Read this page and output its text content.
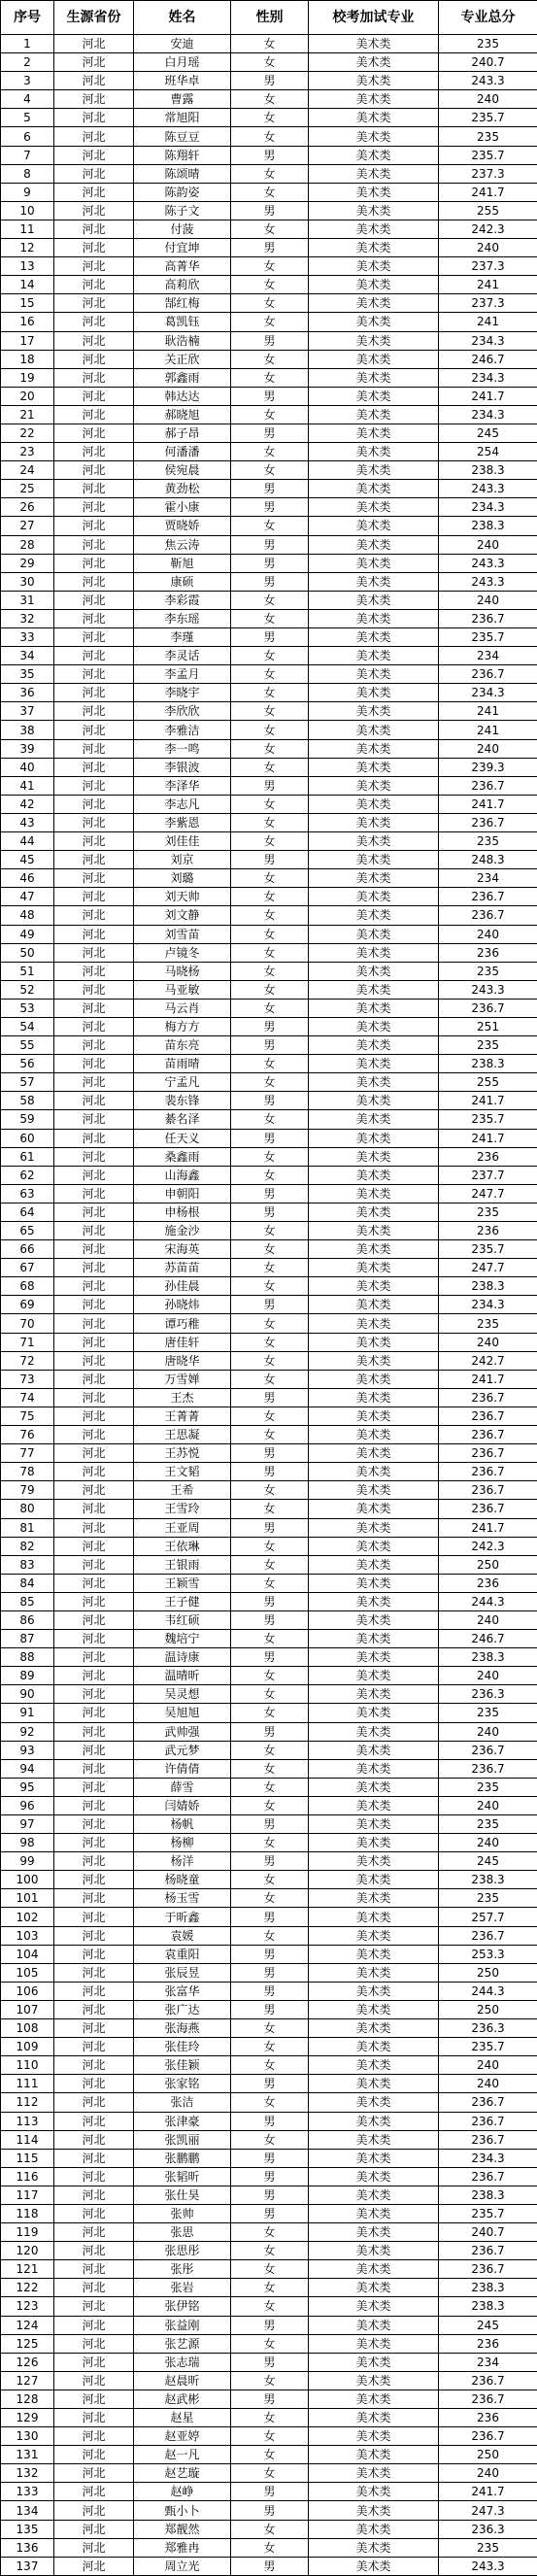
序号	生源省份	姓名	性别	校考加试专业	专业总分
1	河北	安迪	女	美术类	235
2	河北	白月瑶	女	美术类	240.7
3	河北	班华卓	男	美术类	243.3
4	河北	曹露	女	美术类	240
5	河北	常旭阳	女	美术类	235.7
6	河北	陈豆豆	女	美术类	235
7	河北	陈翔轩	男	美术类	235.7
8	河北	陈颂晴	女	美术类	237.3
9	河北	陈韵姿	女	美术类	241.7
10	河北	陈子文	男	美术类	255
11	河北	付菠	女	美术类	242.3
12	河北	付宜坤	男	美术类	240
13	河北	高菁华	女	美术类	237.3
14	河北	高莉欣	女	美术类	241
15	河北	郜红梅	女	美术类	237.3
16	河北	葛凯钰	女	美术类	241
17	河北	耿浩楠	男	美术类	234.3
18	河北	关正欣	女	美术类	246.7
19	河北	郭鑫雨	女	美术类	234.3
20	河北	韩达达	男	美术类	241.7
21	河北	郝晓旭	女	美术类	234.3
22	河北	郝子昂	男	美术类	245
23	河北	何潘潘	女	美术类	254
24	河北	侯宛晨	女	美术类	238.3
25	河北	黄劲松	男	美术类	243.3
26	河北	霍小康	男	美术类	234.3
27	河北	贾晓娇	女	美术类	238.3
28	河北	焦云涛	男	美术类	240
29	河北	靳旭	男	美术类	243.3
30	河北	康硕	男	美术类	243.3
31	河北	李彩霞	女	美术类	240
32	河北	李东瑶	女	美术类	236.7
33	河北	李瑾	男	美术类	235.7
34	河北	李灵话	女	美术类	234
35	河北	李孟月	女	美术类	236.7
36	河北	李晓宇	女	美术类	234.3
37	河北	李欣欣	女	美术类	241
38	河北	李雅洁	女	美术类	241
39	河北	李一鸣	女	美术类	240
40	河北	李银波	女	美术类	239.3
41	河北	李泽华	男	美术类	236.7
42	河北	李志凡	女	美术类	241.7
43	河北	李紫恩	女	美术类	236.7
44	河北	刘佳佳	女	美术类	235
45	河北	刘京	男	美术类	248.3
46	河北	刘璐	女	美术类	234
47	河北	刘天帅	女	美术类	236.7
48	河北	刘文静	女	美术类	236.7
49	河北	刘雪苗	女	美术类	240
50	河北	卢镜冬	女	美术类	236
51	河北	马晓杨	女	美术类	235
52	河北	马亚敏	女	美术类	243.3
53	河北	马云肖	女	美术类	236.7
54	河北	梅方方	男	美术类	251
55	河北	苗东亮	男	美术类	235
56	河北	苗雨晴	女	美术类	238.3
57	河北	宁孟凡	女	美术类	255
58	河北	裴东锋	男	美术类	241.7
59	河北	綦名泽	女	美术类	235.7
60	河北	任天义	男	美术类	241.7
61	河北	桑鑫雨	女	美术类	236
62	河北	山海鑫	女	美术类	237.7
63	河北	申朝阳	男	美术类	247.7
64	河北	申杨根	男	美术类	235
65	河北	施金沙	女	美术类	236
66	河北	宋海英	女	美术类	235.7
67	河北	苏苗苗	女	美术类	247.7
68	河北	孙佳晨	女	美术类	238.3
69	河北	孙晓炜	男	美术类	234.3
70	河北	谭巧稚	女	美术类	235
71	河北	唐佳轩	女	美术类	240
72	河北	唐晓华	女	美术类	242.7
73	河北	万雪婵	女	美术类	241.7
74	河北	王杰	男	美术类	236.7
75	河北	王菁菁	女	美术类	236.7
76	河北	王思凝	女	美术类	236.7
77	河北	王苏悦	男	美术类	236.7
78	河北	王文韬	男	美术类	236.7
79	河北	王希	女	美术类	236.7
80	河北	王雪玲	女	美术类	236.7
81	河北	王亚周	男	美术类	241.7
82	河北	王依琳	女	美术类	242.3
83	河北	王银雨	女	美术类	250
84	河北	王颖雪	女	美术类	236
85	河北	王子健	男	美术类	244.3
86	河北	韦红硕	男	美术类	240
87	河北	魏培宁	女	美术类	246.7
88	河北	温诗康	男	美术类	238.3
89	河北	温晴昕	女	美术类	240
90	河北	吴灵想	女	美术类	236.3
91	河北	吴旭旭	女	美术类	235
92	河北	武帅强	男	美术类	240
93	河北	武元梦	女	美术类	236.7
94	河北	许倩倩	女	美术类	236.7
95	河北	薛雪	女	美术类	235
96	河北	闫婧娇	女	美术类	240
97	河北	杨帆	男	美术类	235
98	河北	杨柳	女	美术类	240
99	河北	杨洋	男	美术类	245
100	河北	杨晓童	女	美术类	238.3
101	河北	杨玉雪	女	美术类	235
102	河北	于昕鑫	男	美术类	257.7
103	河北	袁媛	女	美术类	236.7
104	河北	袁重阳	男	美术类	253.3
105	河北	张辰昱	男	美术类	250
106	河北	张富华	男	美术类	244.3
107	河北	张广达	男	美术类	250
108	河北	张海燕	女	美术类	236.3
109	河北	张佳玲	女	美术类	235.7
110	河北	张佳颖	女	美术类	240
111	河北	张家铭	男	美术类	240
112	河北	张洁	女	美术类	236.7
113	河北	张津豪	男	美术类	236.7
114	河北	张凯丽	女	美术类	236.7
115	河北	张鹏鹏	男	美术类	234.3
116	河北	张韬昕	男	美术类	236.7
117	河北	张仕昊	男	美术类	238.3
118	河北	张帅	男	美术类	235.7
119	河北	张思	女	美术类	240.7
120	河北	张思彤	女	美术类	236.7
121	河北	张彤	女	美术类	236.7
122	河北	张岩	女	美术类	238.3
123	河北	张伊铭	女	美术类	238.3
124	河北	张益刚	男	美术类	245
125	河北	张艺源	女	美术类	236
126	河北	张志瑞	男	美术类	234
127	河北	赵晨昕	女	美术类	236.7
128	河北	赵武彬	男	美术类	236.7
129	河北	赵星	女	美术类	236
130	河北	赵亚婷	女	美术类	236.7
131	河北	赵一凡	女	美术类	250
132	河北	赵艺璇	女	美术类	240
133	河北	赵峥	男	美术类	241.7
134	河北	甄小卜	男	美术类	247.3
135	河北	郑靓然	女	美术类	236.3
136	河北	郑雅冉	女	美术类	235
137	河北	周立光	男	美术类	243.3
